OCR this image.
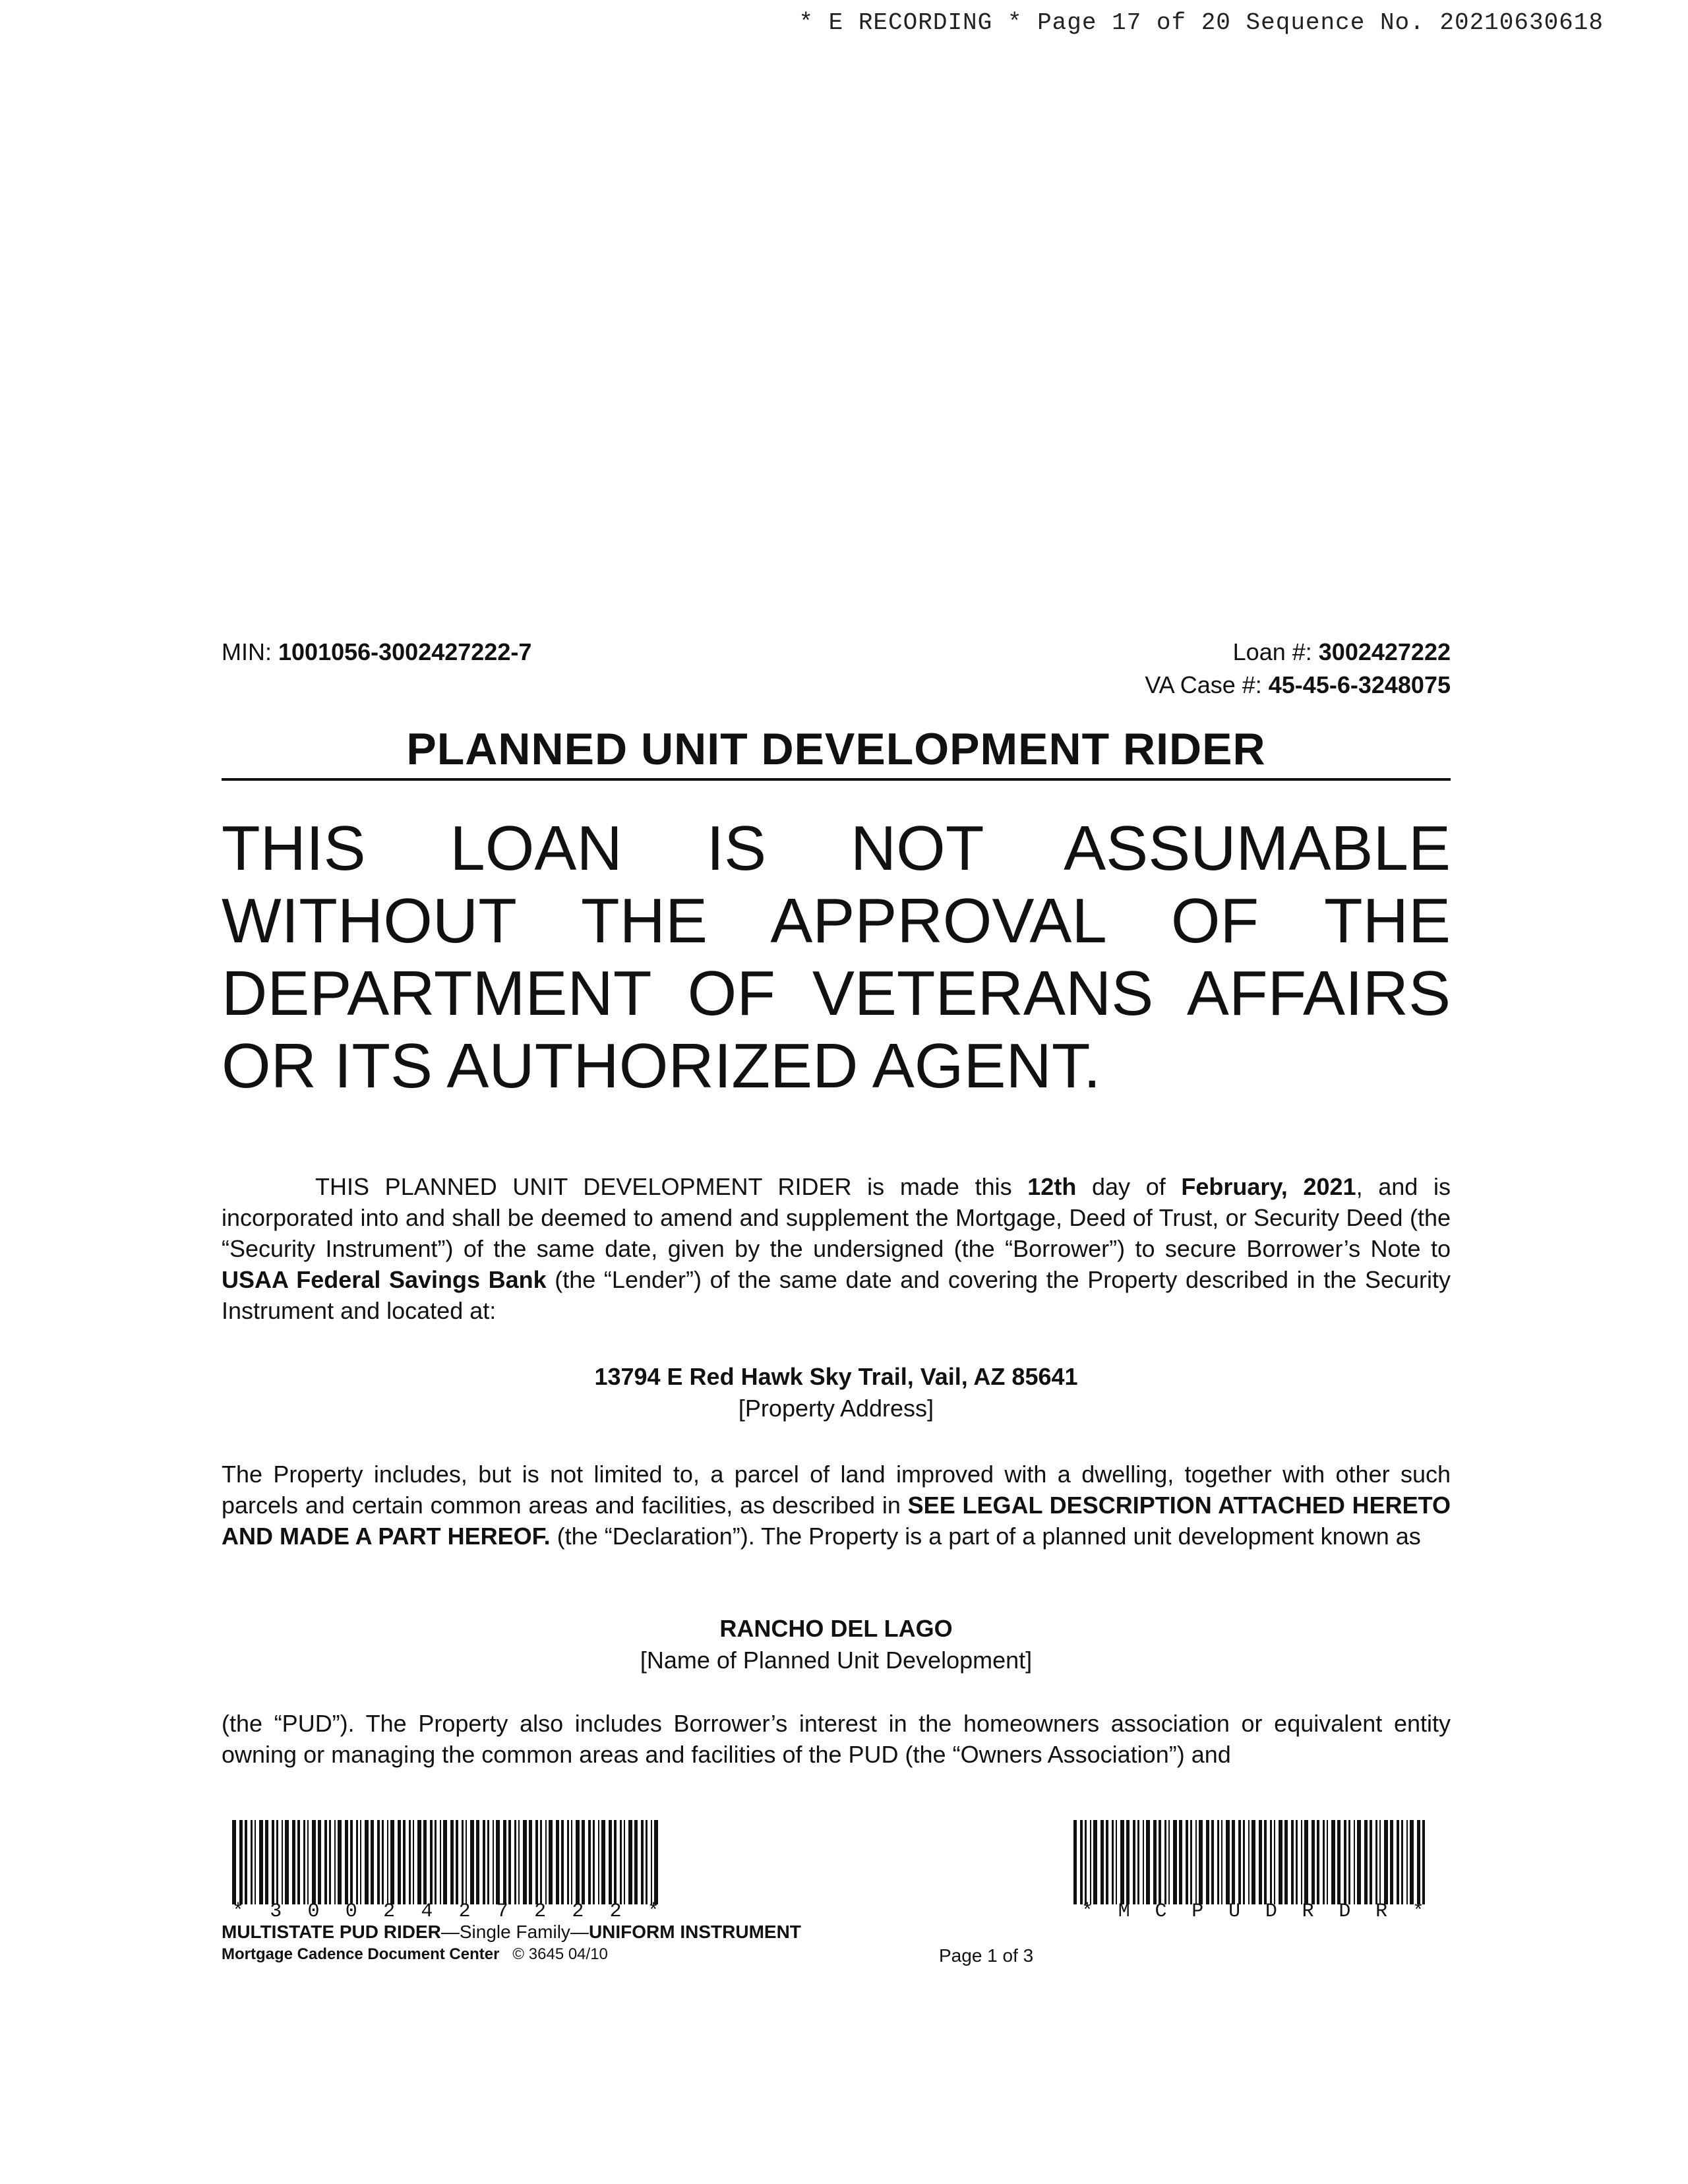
* E RECORDING * Page 17 of 20 Sequence No. 20210630618
MIN: 1001056-3002427222-7	Loan #: 3002427222
VA Case #: 45-45-6-3248075
PLANNED UNIT DEVELOPMENT RIDER
THIS LOAN IS NOT ASSUMABLE
WITHOUT THE APPROVAL OF THE
DEPARTMENT OF VETERANS AFFAIRS
OR ITS AUTHORIZED AGENT.
THIS PLANNED UNIT DEVELOPMENT RIDER is made this 12th day of February, 2021, and is incorporated into and shall be deemed to amend and supplement the Mortgage, Deed of Trust, or Security Deed (the “Security Instrument”) of the same date, given by the undersigned (the “Borrower”) to secure Borrower’s Note to USAA Federal Savings Bank (the “Lender”) of the same date and covering the Property described in the Security Instrument and located at:
13794 E Red Hawk Sky Trail, Vail, AZ 85641
[Property Address]
The Property includes, but is not limited to, a parcel of land improved with a dwelling, together with other such parcels and certain common areas and facilities, as described in SEE LEGAL DESCRIPTION ATTACHED HERETO AND MADE A PART HEREOF. (the “Declaration”). The Property is a part of a planned unit development known as
RANCHO DEL LAGO
[Name of Planned Unit Development]
(the “PUD”). The Property also includes Borrower’s interest in the homeowners association or equivalent entity owning or managing the common areas and facilities of the PUD (the “Owners Association”) and
* 3 0 0 2 4 2 7 2 2 2 *	* M C P U D R D R *
MULTISTATE PUD RIDER—Single Family—UNIFORM INSTRUMENT
Mortgage Cadence Document Center © 3645 04/10	Page 1 of 3
